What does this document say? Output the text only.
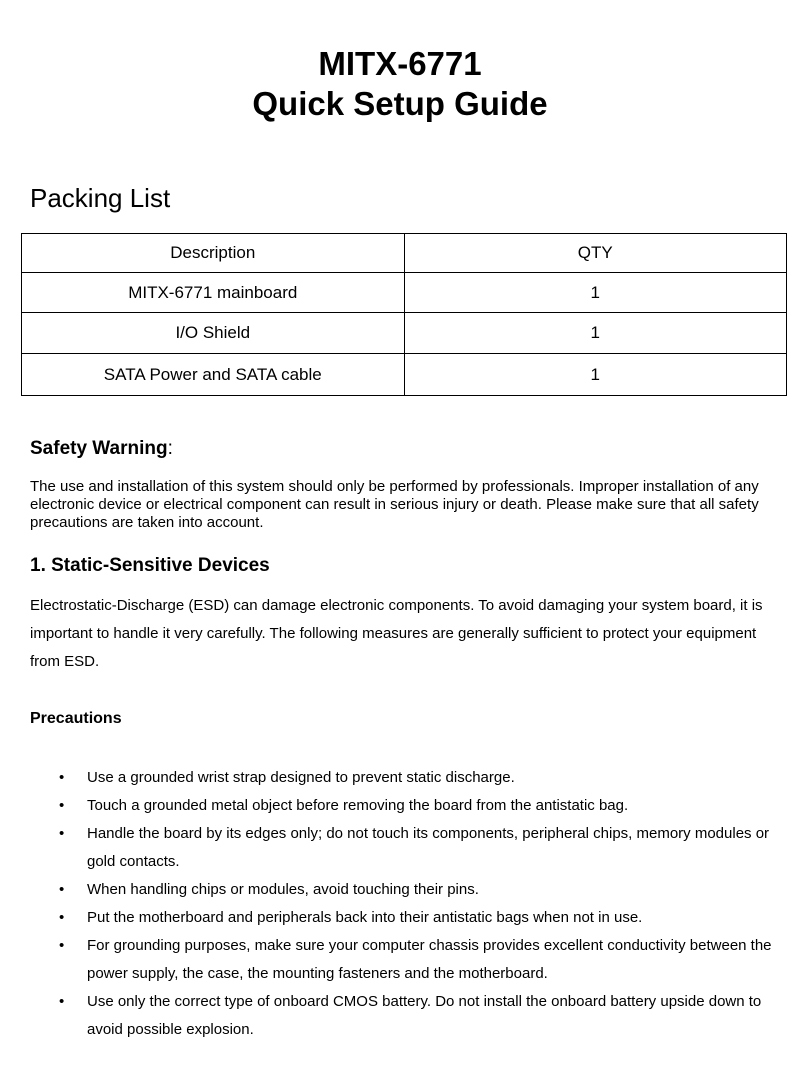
MITX-6771
Quick Setup Guide
Packing List
Description	QTY
MITX-6771 mainboard	1
I/O Shield	1
SATA Power and SATA cable	1
Safety Warning:

The use and installation of this system should only be performed by professionals. Improper installation of any electronic device or electrical component can result in serious injury or death. Please make sure that all safety precautions are taken into account.

1. Static-Sensitive Devices

Electrostatic-Discharge (ESD) can damage electronic components. To avoid damaging your system board, it is important to handle it very carefully. The following measures are generally sufficient to protect your equipment from ESD.

Precautions
• Use a grounded wrist strap designed to prevent static discharge.
• Touch a grounded metal object before removing the board from the antistatic bag.
• Handle the board by its edges only; do not touch its components, peripheral chips, memory modules or gold contacts.
• When handling chips or modules, avoid touching their pins.
• Put the motherboard and peripherals back into their antistatic bags when not in use.
• For grounding purposes, make sure your computer chassis provides excellent conductivity between the power supply, the case, the mounting fasteners and the motherboard.
• Use only the correct type of onboard CMOS battery. Do not install the onboard battery upside down to avoid possible explosion.
